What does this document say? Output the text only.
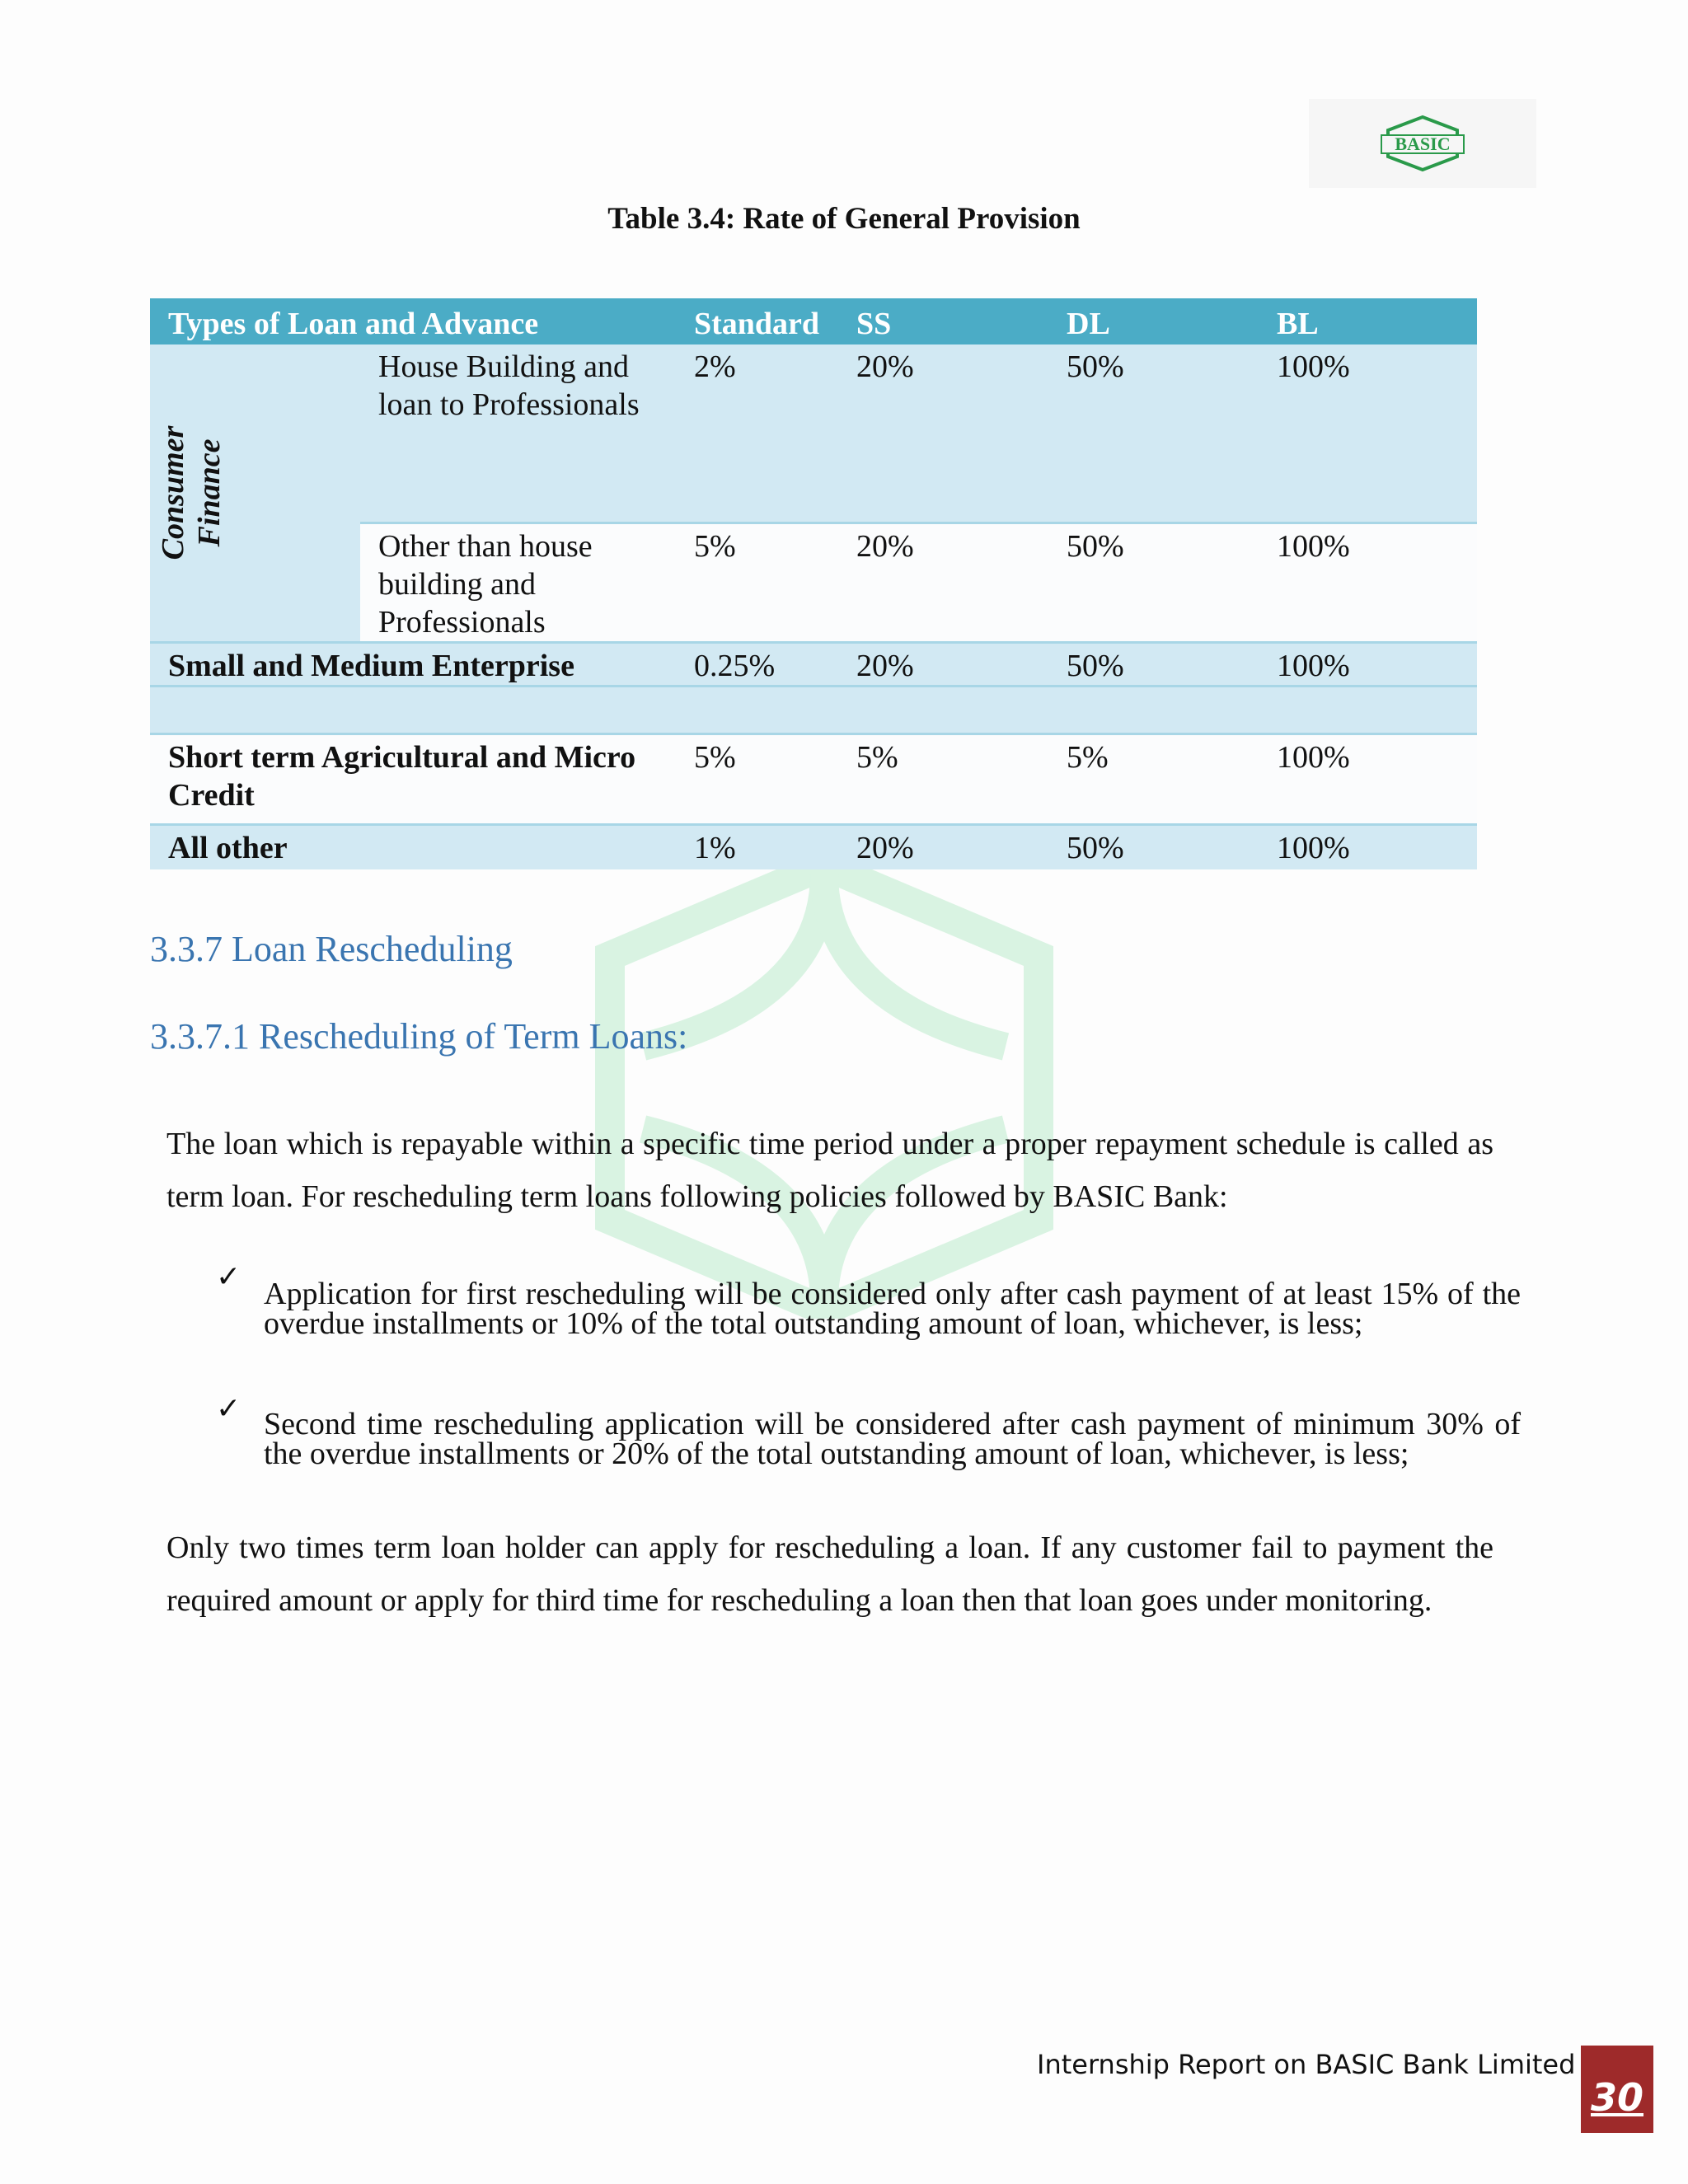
BASIC
Table 3.4: Rate of General Provision
Types of Loan and Advance		Standard	SS	DL	BL

Consumer Finance	House Building and loan to Professionals	2%	20%	50%	100%
	Other than house building and Professionals	5%	20%	50%	100%
Small and Medium Enterprise		0.25%	20%	50%	100%

Short term Agricultural and Micro Credit		5%	5%	5%	100%
All other		1%	20%	50%	100%
3.3.7 Loan Rescheduling
3.3.7.1 Rescheduling of Term Loans:
The loan which is repayable within a specific time period under a proper repayment schedule is called as term loan. For rescheduling term loans following policies followed by BASIC Bank:
✓ Application for first rescheduling will be considered only after cash payment of at least 15% of the overdue installments or 10% of the total outstanding amount of loan, whichever, is less;
✓ Second time rescheduling application will be considered after cash payment of minimum 30% of the overdue installments or 20% of the total outstanding amount of loan, whichever, is less;
Only two times term loan holder can apply for rescheduling a loan. If any customer fail to payment the required amount or apply for third time for rescheduling a loan then that loan goes under monitoring.
Internship Report on BASIC Bank Limited
30
